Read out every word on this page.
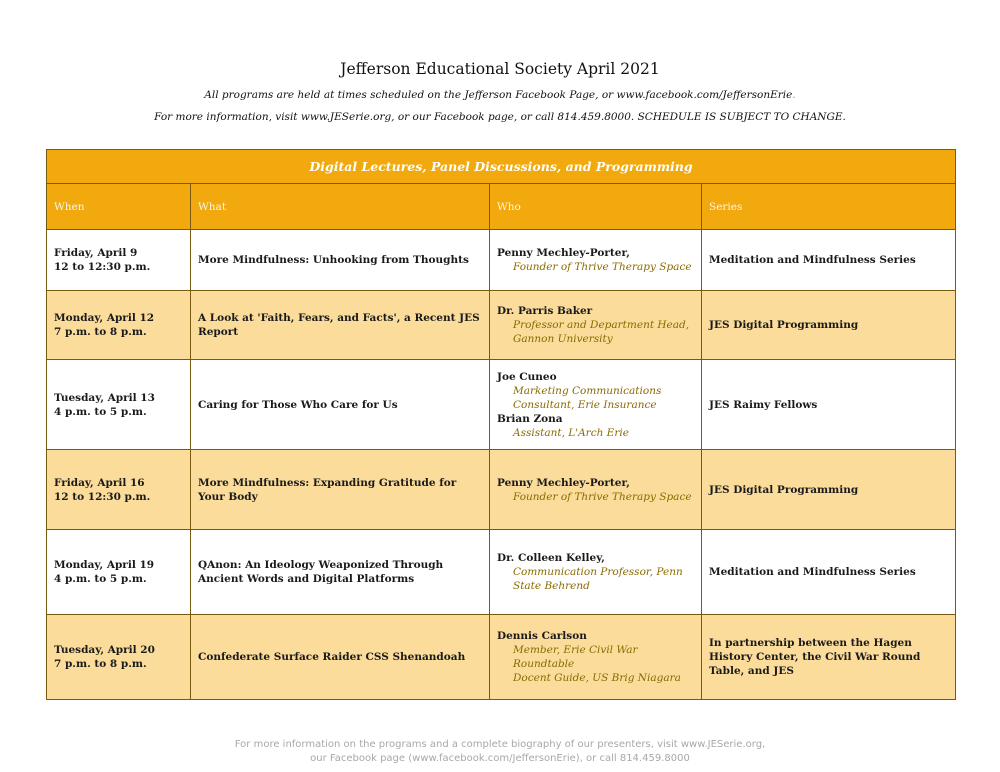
Jefferson Educational Society April 2021
All programs are held at times scheduled on the Jefferson Facebook Page, or www.facebook.com/JeffersonErie.
For more information, visit www.JESerie.org, or our Facebook page, or call 814.459.8000. SCHEDULE IS SUBJECT TO CHANGE.
Digital Lectures, Panel Discussions, and Programming			
When	What	Who	Series

Friday, April 9
12 to 12:30 p.m.	More Mindfulness: Unhooking from Thoughts	Penny Mechley-Porter,
Founder of Thrive Therapy Space	Meditation and Mindfulness Series

Monday, April 12
7 p.m. to 8 p.m.	A Look at 'Faith, Fears, and Facts', a Recent JES Report	Dr. Parris Baker
Professor and Department Head,
Gannon University	JES Digital Programming

Tuesday, April 13
4 p.m. to 5 p.m.	Caring for Those Who Care for Us	Joe Cuneo
Marketing Communications
Consultant, Erie Insurance
Brian Zona
Assistant, L'Arch Erie	JES Raimy Fellows

Friday, April 16
12 to 12:30 p.m.	More Mindfulness: Expanding Gratitude for Your Body	Penny Mechley-Porter,
Founder of Thrive Therapy Space	JES Digital Programming

Monday, April 19
4 p.m. to 5 p.m.	QAnon: An Ideology Weaponized Through Ancient Words and Digital Platforms	Dr. Colleen Kelley,
Communication Professor, Penn
State Behrend	Meditation and Mindfulness Series

Tuesday, April 20
7 p.m. to 8 p.m.	Confederate Surface Raider CSS Shenandoah	Dennis Carlson
Member, Erie Civil War
Roundtable
Docent Guide, US Brig Niagara	In partnership between the Hagen History Center, the Civil War Round Table, and JES
For more information on the programs and a complete biography of our presenters, visit www.JESerie.org,
our Facebook page (www.facebook.com/JeffersonErie), or call 814.459.8000
